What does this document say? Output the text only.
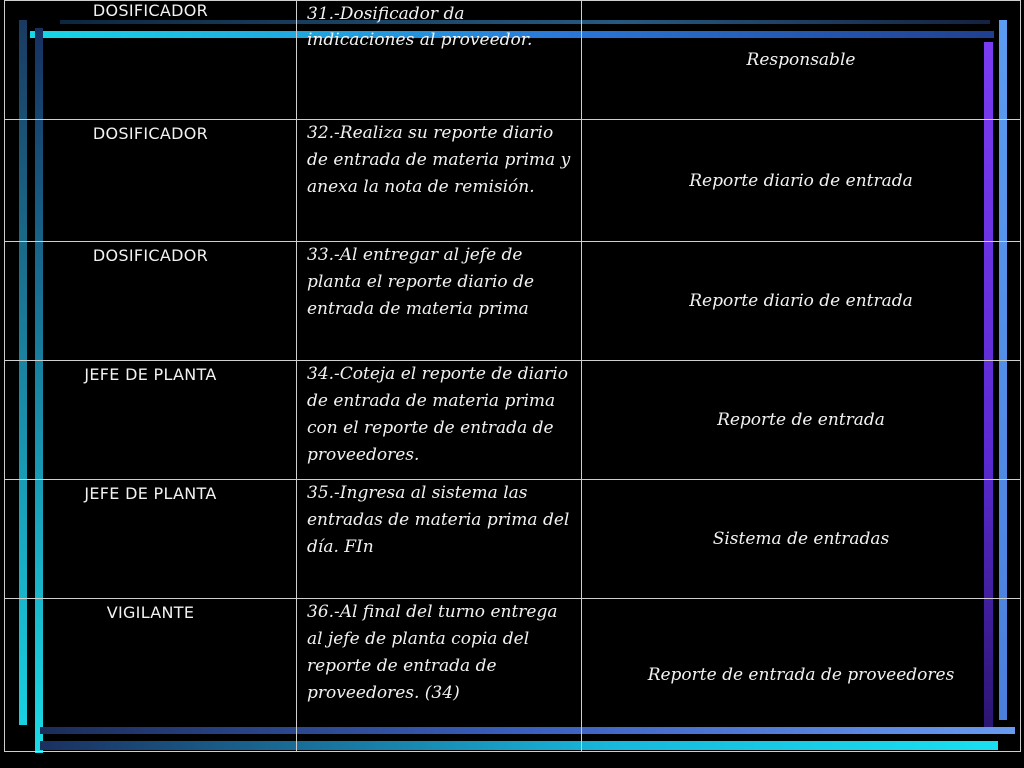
DOSIFICADOR	31.-Dosificador da indicaciones al proveedor.	Responsable
DOSIFICADOR	32.-Realiza su reporte diario de entrada de materia prima y anexa la nota de remisión.	Reporte diario de entrada
DOSIFICADOR	33.-Al entregar al jefe de planta el reporte diario de entrada de materia prima	Reporte diario de entrada
JEFE DE PLANTA	34.-Coteja el reporte de diario de entrada de materia prima con el reporte de entrada de proveedores.	Reporte de entrada
JEFE DE PLANTA	35.-Ingresa al sistema las entradas de materia prima del día. FIn	Sistema de entradas
VIGILANTE	36.-Al final del turno entrega al jefe de planta copia del reporte de entrada de proveedores. (34)	Reporte de entrada de proveedores
